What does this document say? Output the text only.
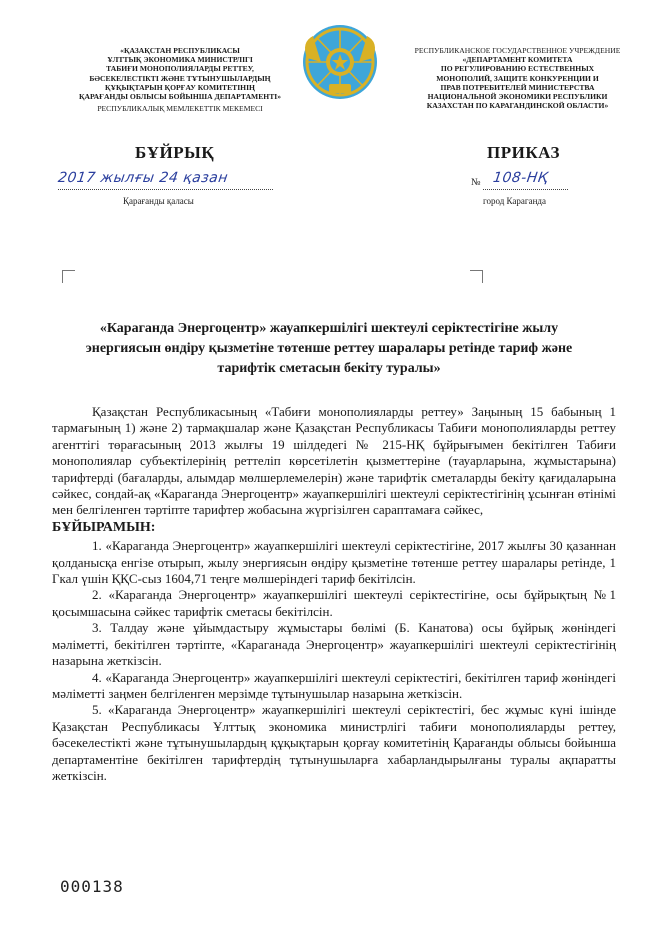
«ҚАЗАҚСТАН РЕСПУБЛИКАСЫ
ҰЛТТЫҚ ЭКОНОМИКА МИНИСТРЛІГІ
ТАБИҒИ МОНОПОЛИЯЛАРДЫ РЕТТЕУ,
БӘСЕКЕЛЕСТІКТІ ЖӘНЕ ТҰТЫНУШЫЛАРДЫҢ
ҚҰҚЫҚТАРЫН ҚОРҒАУ КОМИТЕТІНІҢ
ҚАРАҒАНДЫ ОБЛЫСЫ БОЙЫНША ДЕПАРТАМЕНТІ»
РЕСПУБЛИКАЛЫҚ МЕМЛЕКЕТТІК МЕКЕМЕСІ
РЕСПУБЛИКАНСКОЕ ГОСУДАРСТВЕННОЕ УЧРЕЖДЕНИЕ
«ДЕПАРТАМЕНТ КОМИТЕТА
ПО РЕГУЛИРОВАНИЮ ЕСТЕСТВЕННЫХ
МОНОПОЛИЙ, ЗАЩИТЕ КОНКУРЕНЦИИ И
ПРАВ ПОТРЕБИТЕЛЕЙ МИНИСТЕРСТВА
НАЦИОНАЛЬНОЙ ЭКОНОМИКИ РЕСПУБЛИКИ
КАЗАХСТАН ПО КАРАГАНДИНСКОЙ ОБЛАСТИ»
БҰЙРЫҚ	ПРИКАЗ
2017 жылғы 24 қазан	№ 108-НҚ
Қарағанды қаласы	город Караганда
«Караганда Энергоцентр» жауапкершілігі шектеулі серіктестігіне жылу энергиясын өндіру қызметіне төтенше реттеу шаралары ретінде тариф және тарифтік сметасын бекіту туралы»

Қазақстан Республикасының «Табиғи монополияларды реттеу» Заңының 15 бабының 1 тармағының 1) және 2) тармақшалар және Қазақстан Республикасы Табиғи монополияларды реттеу агенттігі төрағасының 2013 жылғы 19 шілдедегі № 215-НҚ бұйрығымен бекітілген Табиғи монополиялар субъектілерінің реттеліп көрсетілетін қызметтеріне (тауарларына, жұмыстарына) тарифтерді (бағаларды, алымдар мөлшерлемелерін) және тарифтік сметаларды бекіту қағидаларына сәйкес, сондай-ақ «Караганда Энергоцентр» жауапкершілігі шектеулі серіктестігінің ұсынған өтінімі мен белгіленген тәртіпте тарифтер жобасына жүргізілген сараптамаға сәйкес,

БҰЙЫРАМЫН:

1. «Караганда Энергоцентр» жауапкершілігі шектеулі серіктестігіне, 2017 жылғы 30 қазаннан қолданысқа енгізе отырып, жылу энергиясын өндіру қызметіне төтенше реттеу шаралары ретінде, 1 Гкал үшін ҚҚС-сыз 1604,71 теңге мөлшеріндегі тариф бекітілсін.

2. «Караганда Энергоцентр» жауапкершілігі шектеулі серіктестігіне, осы бұйрықтың №1 қосымшасына сәйкес тарифтік сметасы бекітілсін.

3. Талдау және ұйымдастыру жұмыстары бөлімі (Б. Канатова) осы бұйрық жөніндегі мәліметті, бекітілген тәртіпте, «Караганада Энергоцентр» жауапкершілігі шектеулі серіктестігінің назарына жеткізсін.

4. «Караганда Энергоцентр» жауапкершілігі шектеулі серіктестігі, бекітілген тариф жөніндегі мәліметті заңмен белгіленген мерзімде тұтынушылар назарына жеткізсін.

5. «Караганда Энергоцентр» жауапкершілігі шектеулі серіктестігі, бес жұмыс күні ішінде Қазақстан Республикасы Ұлттық экономика министрлігі табиғи монополияларды реттеу, бәсекелестікті және тұтынушылардың құқықтарын қорғау комитетінің Қарағанды облысы бойынша департаментіне бекітілген тарифтердің тұтынушыларға хабарландырылғаны туралы ақпаратты жеткізсін.

000138
